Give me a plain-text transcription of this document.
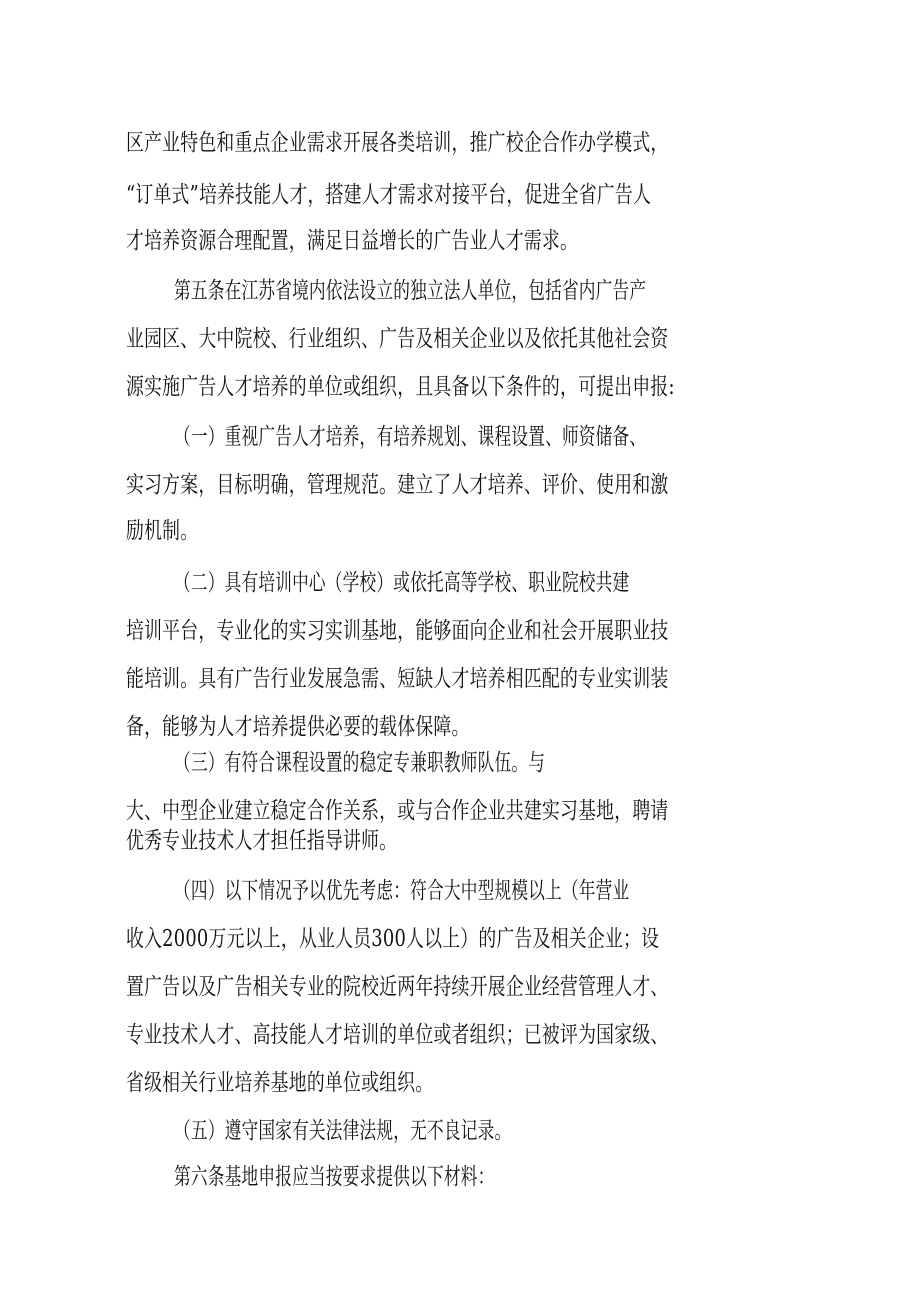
区产业特色和重点企业需求开展各类培训，推广校企合作办学模式，
“订单式”培养技能人才，搭建人才需求对接平台，促进全省广告人
才培养资源合理配置，满足日益增长的广告业人才需求。
第五条在江苏省境内依法设立的独立法人单位，包括省内广告产
业园区、大中院校、行业组织、广告及相关企业以及依托其他社会资
源实施广告人才培养的单位或组织，且具备以下条件的，可提出申报:
（一）重视广告人才培养，有培养规划、课程设置、师资储备、
实习方案，目标明确，管理规范。建立了人才培养、评价、使用和激
励机制。
（二）具有培训中心（学校）或依托高等学校、职业院校共建
培训平台，专业化的实习实训基地，能够面向企业和社会开展职业技
能培训。具有广告行业发展急需、短缺人才培养相匹配的专业实训装
备，能够为人才培养提供必要的载体保障。
（三）有符合课程设置的稳定专兼职教师队伍。与
大、中型企业建立稳定合作关系，或与合作企业共建实习基地，聘请
优秀专业技术人才担任指导讲师。
（四）以下情况予以优先考虑：符合大中型规模以上（年营业
收入2000万元以上，从业人员300人以上）的广告及相关企业；设
置广告以及广告相关专业的院校近两年持续开展企业经营管理人才、
专业技术人才、高技能人才培训的单位或者组织；已被评为国家级、
省级相关行业培养基地的单位或组织。
（五）遵守国家有关法律法规，无不良记录。
第六条基地申报应当按要求提供以下材料：
